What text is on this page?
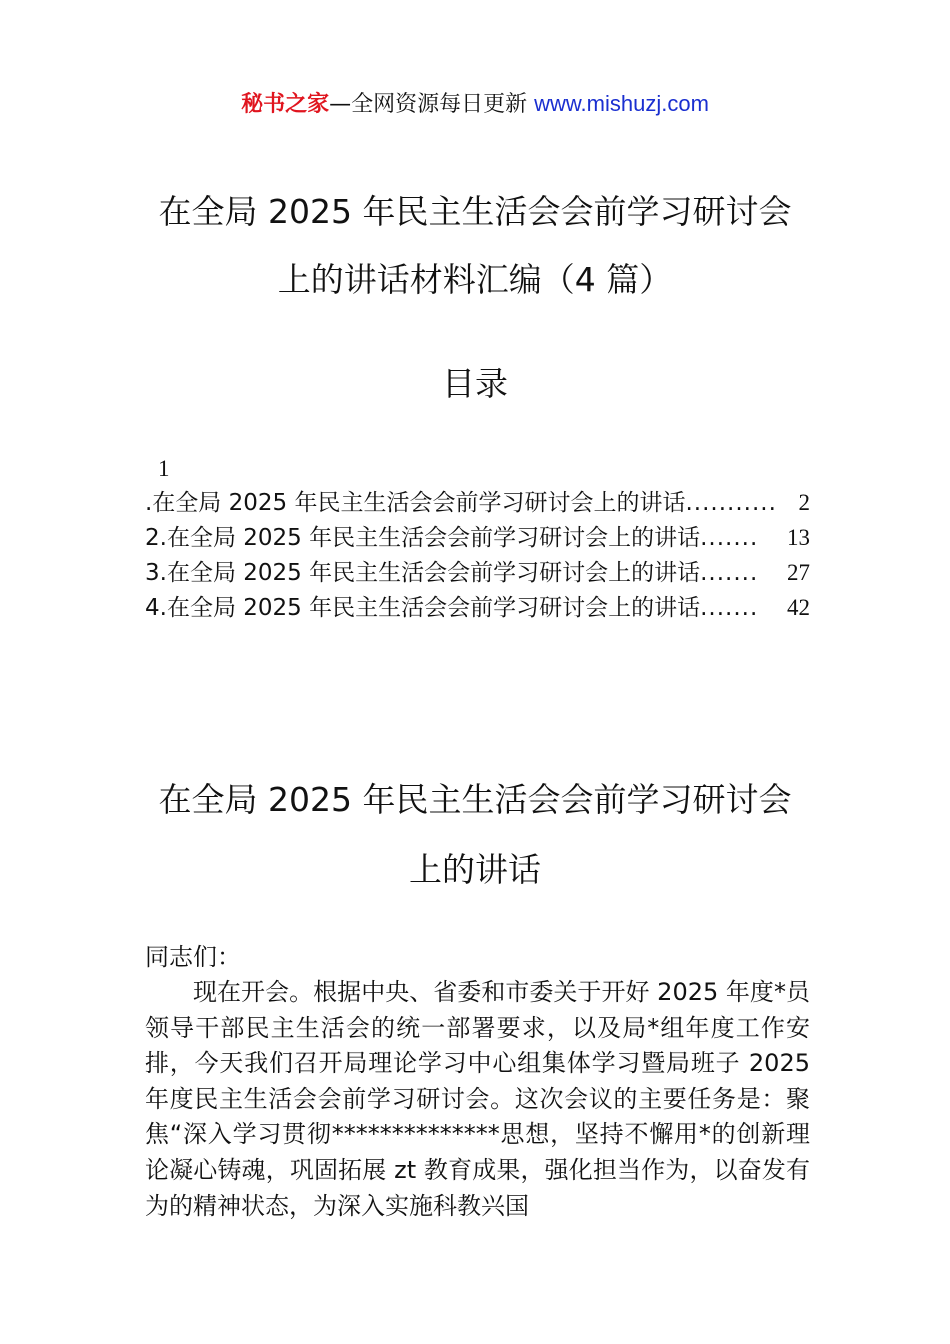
秘书之家—全网资源每日更新 www.mishuzj.com
在全局 2025 年民主生活会会前学习研讨会
上的讲话材料汇编（4 篇）
目录
1
.在全局 2025 年民主生活会会前学习研讨会上的讲话 ........... 2
2.在全局 2025 年民主生活会会前学习研讨会上的讲话 .......	13
3.在全局 2025 年民主生活会会前学习研讨会上的讲话 .......	27
4.在全局 2025 年民主生活会会前学习研讨会上的讲话 .......	42
在全局 2025 年民主生活会会前学习研讨会
上的讲话
同志们：
现在开会。根据中央、省委和市委关于开好 2025 年度*员领导干部民主生活会的统一部署要求，以及局*组年度工作安排，今天我们召开局理论学习中心组集体学习暨局班子 2025 年度民主生活会会前学习研讨会。这次会议的主要任务是：聚焦“深入学习贯彻**************思想，坚持不懈用*的创新理论凝心铸魂，巩固拓展 zt 教育成果，强化担当作为，以奋发有为的精神状态，为深入实施科教兴国
